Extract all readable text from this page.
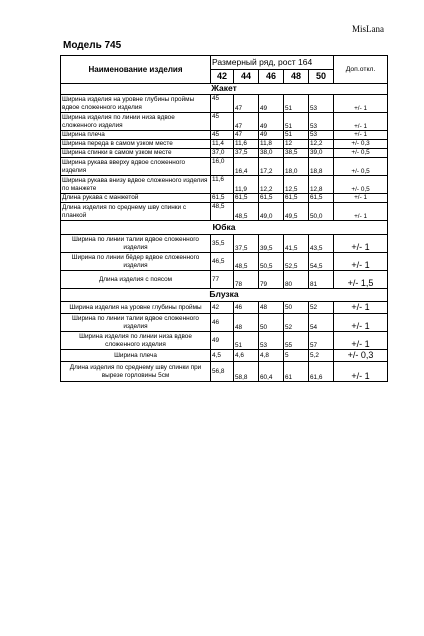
MisLana
Модель 745
Наименование изделия	Размерный ряд, рост 164					Доп.откл.
	42	44	46	48	50	
Жакет						
Ширина изделия на уровне глубины проймы вдвое сложенного изделия	45	47	49	51	53	+/- 1
Ширина изделия по линии низа вдвое сложенного изделия	45	47	49	51	53	+/- 1
Ширина плеча	45	47	49	51	53	+/- 1
Ширина переда в самом узком месте	11,4	11,6	11,8	12	12,2	+/- 0,3
Ширина спинки в самом узком месте	37,0	37,5	38,0	38,5	39,0	+/- 0,5
Ширина рукава вверху вдвое сложенного изделия	16,0	16,4	17,2	18,0	18,8	+/- 0,5
Ширина рукава внизу вдвое сложенного изделия по манжете	11,6	11,9	12,2	12,5	12,8	+/- 0,5
Длина рукава с манжетой	61,5	61,5	61,5	61,5	61,5	+/- 1
Длина изделия по среднему шву спинки с планкой	48,5	48,5	49,0	49,5	50,0	+/- 1
Юбка						
Ширина по линии талии вдвое сложенного изделия	35,5	37,5	39,5	41,5	43,5	+/- 1
Ширина по линии бёдер вдвое сложенного изделия	46,5	48,5	50,5	52,5	54,5	+/- 1
Длина изделия с поясом	77	78	79	80	81	+/- 1,5
Блузка						
Ширина изделия на уровне глубины проймы	42	46	48	50	52	+/- 1
Ширина по линии талии вдвое сложенного изделия	46	48	50	52	54	+/- 1
Ширина изделия по линии низа вдвое сложенного изделия	49	51	53	55	57	+/- 1
Ширина плеча	4,5	4,6	4,8	5	5,2	+/- 0,3
Длина изделия по среднему шву спинки при вырезе горловины 5см	56,8	58,8	60,4	61	61,6	+/- 1
